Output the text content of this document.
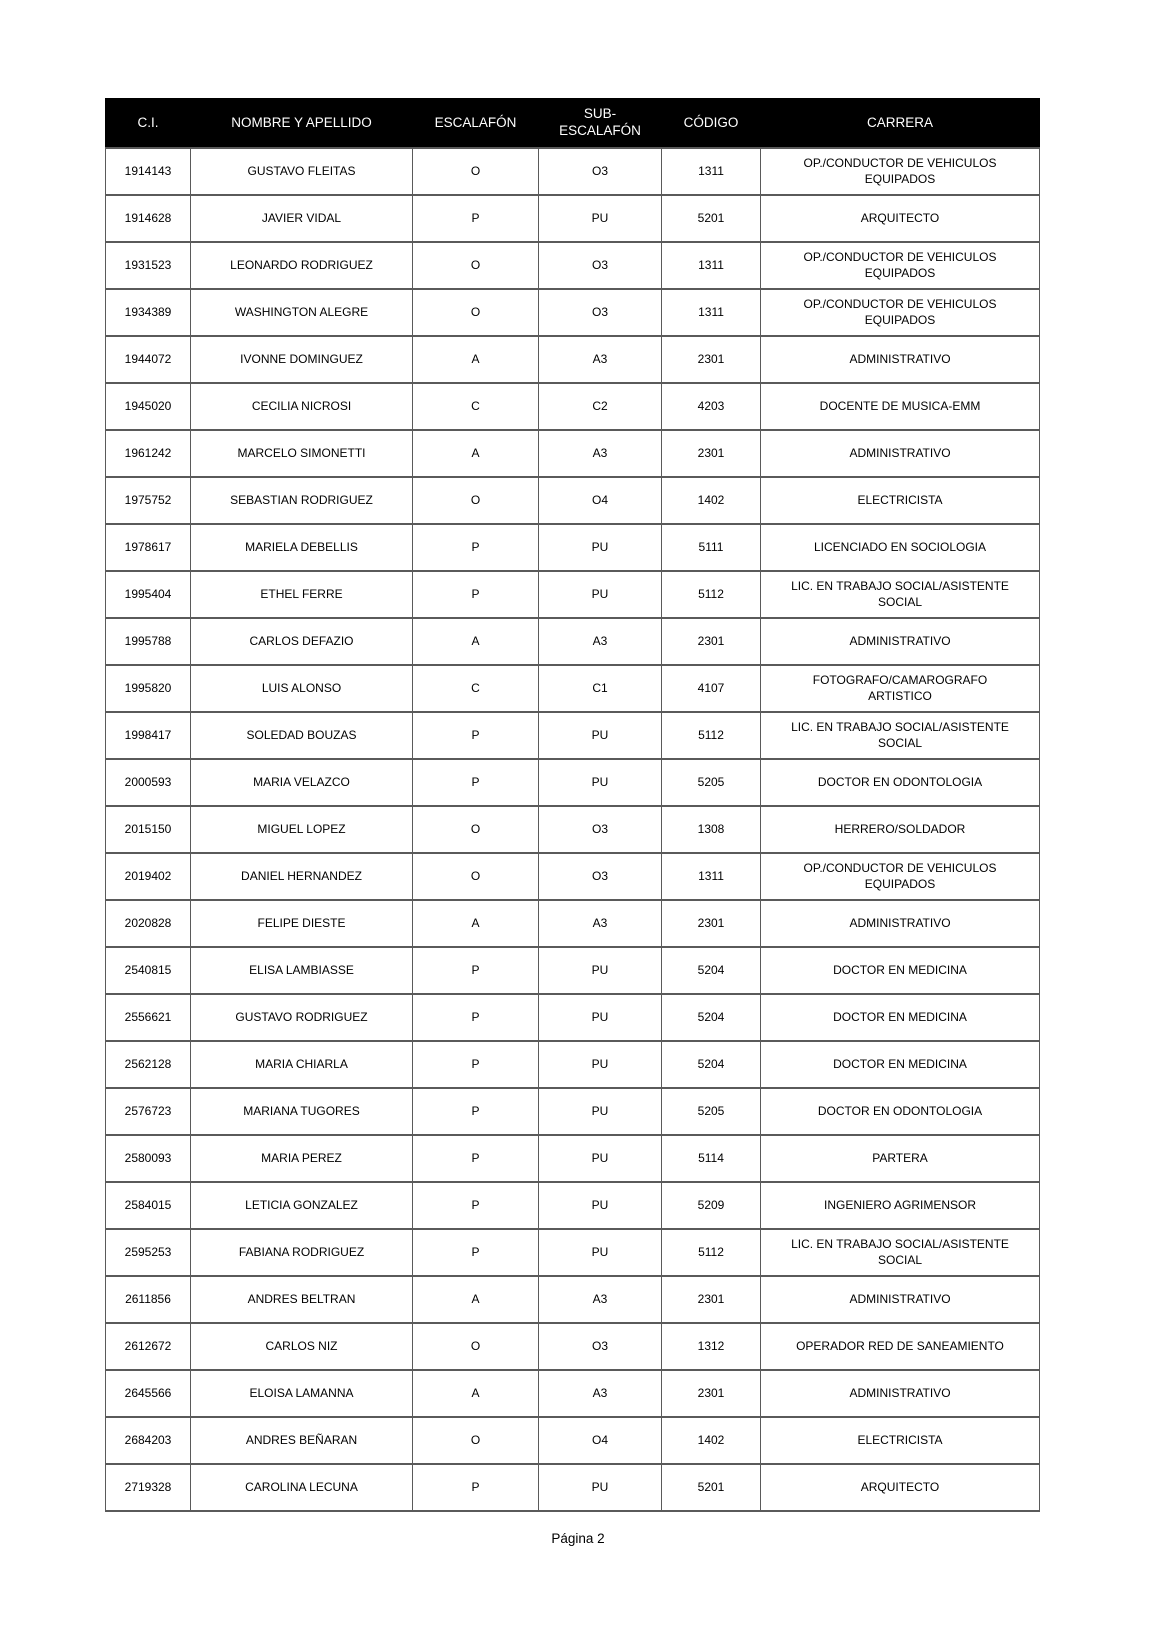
C.I.	NOMBRE Y APELLIDO	ESCALAFÓN	SUB-ESCALAFÓN	CÓDIGO	CARRERA
1914143	GUSTAVO FLEITAS	O	O3	1311	OP./CONDUCTOR DE VEHICULOS EQUIPADOS
1914628	JAVIER VIDAL	P	PU	5201	ARQUITECTO
1931523	LEONARDO RODRIGUEZ	O	O3	1311	OP./CONDUCTOR DE VEHICULOS EQUIPADOS
1934389	WASHINGTON ALEGRE	O	O3	1311	OP./CONDUCTOR DE VEHICULOS EQUIPADOS
1944072	IVONNE DOMINGUEZ	A	A3	2301	ADMINISTRATIVO
1945020	CECILIA NICROSI	C	C2	4203	DOCENTE DE MUSICA-EMM
1961242	MARCELO SIMONETTI	A	A3	2301	ADMINISTRATIVO
1975752	SEBASTIAN RODRIGUEZ	O	O4	1402	ELECTRICISTA
1978617	MARIELA DEBELLIS	P	PU	5111	LICENCIADO EN SOCIOLOGIA
1995404	ETHEL FERRE	P	PU	5112	LIC. EN TRABAJO SOCIAL/ASISTENTE SOCIAL
1995788	CARLOS DEFAZIO	A	A3	2301	ADMINISTRATIVO
1995820	LUIS ALONSO	C	C1	4107	FOTOGRAFO/CAMAROGRAFO ARTISTICO
1998417	SOLEDAD BOUZAS	P	PU	5112	LIC. EN TRABAJO SOCIAL/ASISTENTE SOCIAL
2000593	MARIA VELAZCO	P	PU	5205	DOCTOR EN ODONTOLOGIA
2015150	MIGUEL LOPEZ	O	O3	1308	HERRERO/SOLDADOR
2019402	DANIEL HERNANDEZ	O	O3	1311	OP./CONDUCTOR DE VEHICULOS EQUIPADOS
2020828	FELIPE DIESTE	A	A3	2301	ADMINISTRATIVO
2540815	ELISA LAMBIASSE	P	PU	5204	DOCTOR EN MEDICINA
2556621	GUSTAVO RODRIGUEZ	P	PU	5204	DOCTOR EN MEDICINA
2562128	MARIA CHIARLA	P	PU	5204	DOCTOR EN MEDICINA
2576723	MARIANA TUGORES	P	PU	5205	DOCTOR EN ODONTOLOGIA
2580093	MARIA PEREZ	P	PU	5114	PARTERA
2584015	LETICIA GONZALEZ	P	PU	5209	INGENIERO AGRIMENSOR
2595253	FABIANA RODRIGUEZ	P	PU	5112	LIC. EN TRABAJO SOCIAL/ASISTENTE SOCIAL
2611856	ANDRES BELTRAN	A	A3	2301	ADMINISTRATIVO
2612672	CARLOS NIZ	O	O3	1312	OPERADOR RED DE SANEAMIENTO
2645566	ELOISA LAMANNA	A	A3	2301	ADMINISTRATIVO
2684203	ANDRES BEÑARAN	O	O4	1402	ELECTRICISTA
2719328	CAROLINA LECUNA	P	PU	5201	ARQUITECTO
Página 2
